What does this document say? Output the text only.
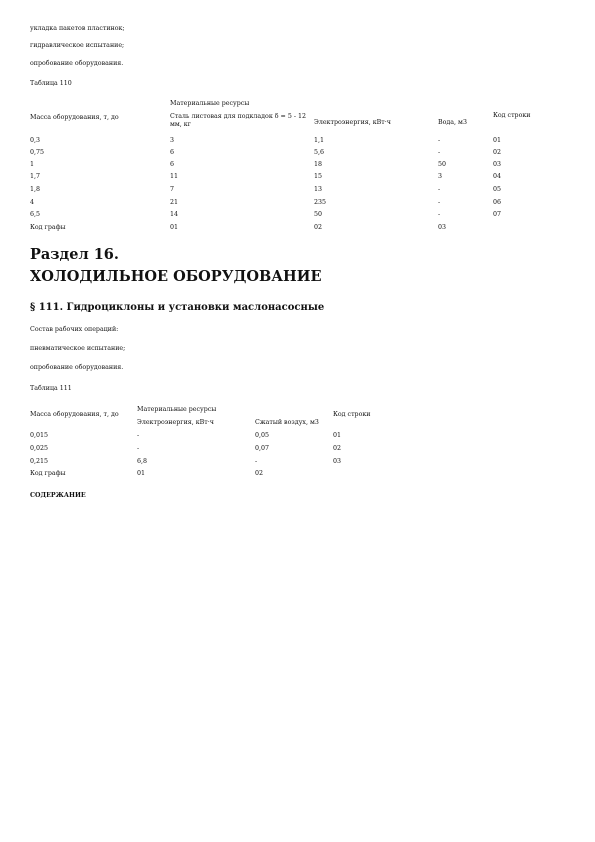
укладка пакетов пластинок;
гидравлическое испытание;
опробование оборудования.
Таблица 110
Материальные ресурсы
Масса оборудования, т, до	Сталь листовая для подкладок δ = 5 - 12 мм, кг	Электроэнергия, кВт·ч	Вода, м3
Код строки
0,3	3	1,1	-	01
0,75	6	5,6	-	02
1	6	18	50	03
1,7	11	15	3	04
1,8	7	13	-	05
4	21	235	-	06
6,5	14	50	-	07
Код графы	01	02	03
Раздел 16.
ХОЛОДИЛЬНОЕ ОБОРУДОВАНИЕ
§ 111. Гидроциклоны и установки маслонасосные
Состав рабочих операций:
пневматическое испытание;
опробование оборудования.
Таблица 111
Материальные ресурсы
Масса оборудования, т, до
Электроэнергия, кВт·ч	Сжатый воздух, м3
Код строки
0,015	-	0,05	01
0,025	-	0,07	02
0,215	6,8	-	03
Код графы	01	02
СОДЕРЖАНИЕ
